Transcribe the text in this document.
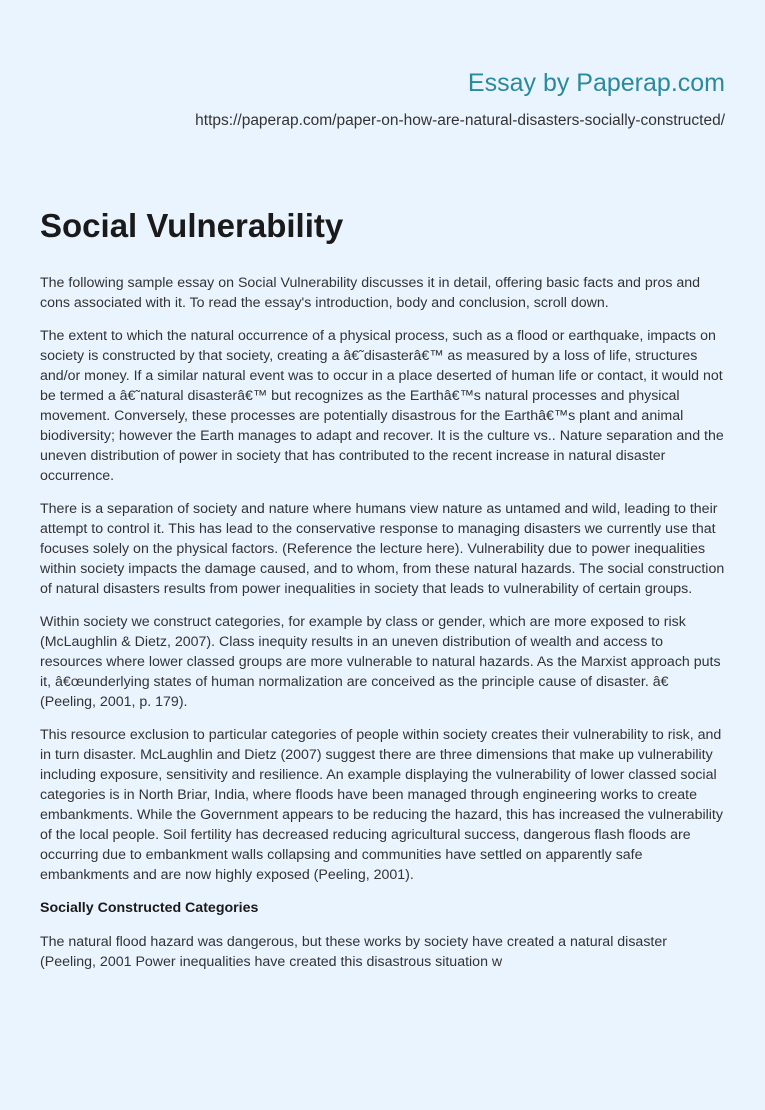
Essay by Paperap.com
https://paperap.com/paper-on-how-are-natural-disasters-socially-constructed/
Social Vulnerability

The following sample essay on Social Vulnerability discusses it in detail, offering basic facts and pros and cons associated with it. To read the essay's introduction, body and conclusion, scroll down.

The extent to which the natural occurrence of a physical process, such as a flood or earthquake, impacts on society is constructed by that society, creating a â€˜disasterâ€™ as measured by a loss of life, structures and/or money. If a similar natural event was to occur in a place deserted of human life or contact, it would not be termed a â€˜natural disasterâ€™ but recognizes as the Earthâ€™s natural processes and physical movement. Conversely, these processes are potentially disastrous for the Earthâ€™s plant and animal biodiversity; however the Earth manages to adapt and recover. It is the culture vs.. Nature separation and the uneven distribution of power in society that has contributed to the recent increase in natural disaster occurrence.

There is a separation of society and nature where humans view nature as untamed and wild, leading to their attempt to control it. This has lead to the conservative response to managing disasters we currently use that focuses solely on the physical factors. (Reference the lecture here). Vulnerability due to power inequalities within society impacts the damage caused, and to whom, from these natural hazards. The social construction of natural disasters results from power inequalities in society that leads to vulnerability of certain groups.

Within society we construct categories, for example by class or gender, which are more exposed to risk (McLaughlin & Dietz, 2007). Class inequity results in an uneven distribution of wealth and access to resources where lower classed groups are more vulnerable to natural hazards. As the Marxist approach puts it, â€œunderlying states of human normalization are conceived as the principle cause of disaster. â€ (Peeling, 2001, p. 179).

This resource exclusion to particular categories of people within society creates their vulnerability to risk, and in turn disaster. McLaughlin and Dietz (2007) suggest there are three dimensions that make up vulnerability including exposure, sensitivity and resilience. An example displaying the vulnerability of lower classed social categories is in North Briar, India, where floods have been managed through engineering works to create embankments. While the Government appears to be reducing the hazard, this has increased the vulnerability of the local people. Soil fertility has decreased reducing agricultural success, dangerous flash floods are occurring due to embankment walls collapsing and communities have settled on apparently safe embankments and are now highly exposed (Peeling, 2001).

Socially Constructed Categories

The natural flood hazard was dangerous, but these works by society have created a natural disaster (Peeling, 2001 Power inequalities have created this disastrous situation w
